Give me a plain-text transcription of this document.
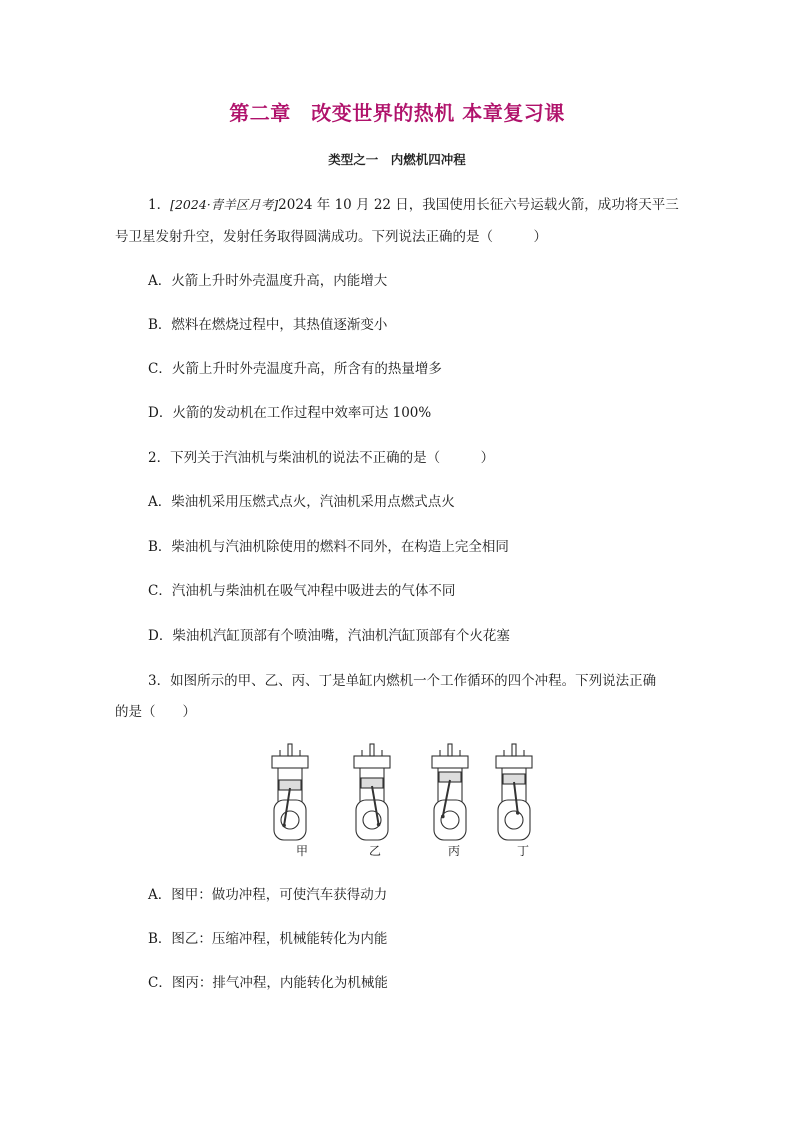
第二章　改变世界的热机 本章复习课
类型之一　内燃机四冲程
1．[2024·青羊区月考]2024 年 10 月 22 日，我国使用长征六号运载火箭，成功将天平三
号卫星发射升空，发射任务取得圆满成功。下列说法正确的是（　　　）
A．火箭上升时外壳温度升高，内能增大
B．燃料在燃烧过程中，其热值逐渐变小
C．火箭上升时外壳温度升高，所含有的热量增多
D．火箭的发动机在工作过程中效率可达 100%
2．下列关于汽油机与柴油机的说法不正确的是（　　　）
A．柴油机采用压燃式点火，汽油机采用点燃式点火
B．柴油机与汽油机除使用的燃料不同外，在构造上完全相同
C．汽油机与柴油机在吸气冲程中吸进去的气体不同
D．柴油机汽缸顶部有个喷油嘴，汽油机汽缸顶部有个火花塞
3．如图所示的甲、乙、丙、丁是单缸内燃机一个工作循环的四个冲程。下列说法正确
的是（　　）
甲	乙	丙	丁
A．图甲：做功冲程，可使汽车获得动力
B．图乙：压缩冲程，机械能转化为内能
C．图丙：排气冲程，内能转化为机械能
